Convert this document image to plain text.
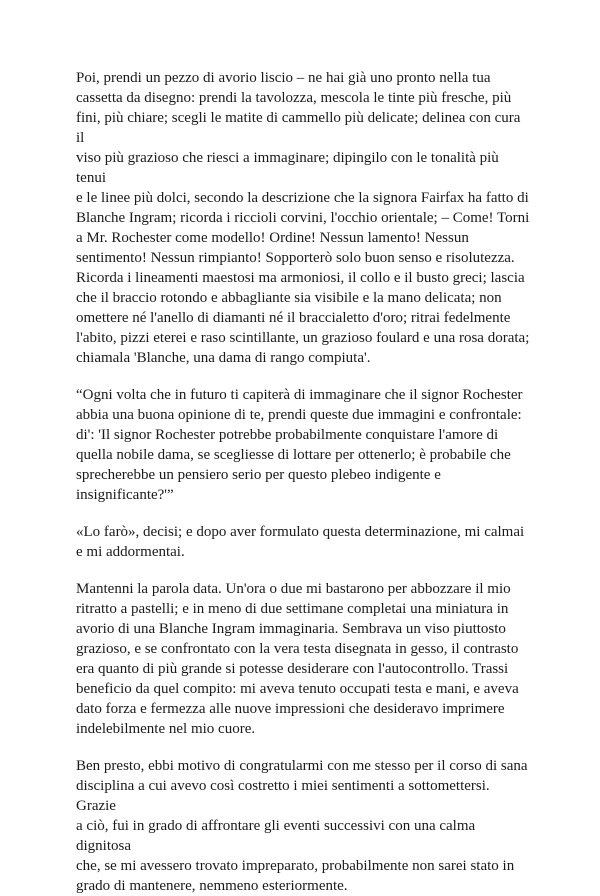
Poi, prendi un pezzo di avorio liscio – ne hai già uno pronto nella tua
cassetta da disegno: prendi la tavolozza, mescola le tinte più fresche, più
fini, più chiare; scegli le matite di cammello più delicate; delinea con cura il
viso più grazioso che riesci a immaginare; dipingilo con le tonalità più tenui
e le linee più dolci, secondo la descrizione che la signora Fairfax ha fatto di
Blanche Ingram; ricorda i riccioli corvini, l'occhio orientale; – Come! Torni
a Mr. Rochester come modello! Ordine! Nessun lamento! Nessun
sentimento! Nessun rimpianto! Sopporterò solo buon senso e risolutezza.
Ricorda i lineamenti maestosi ma armoniosi, il collo e il busto greci; lascia
che il braccio rotondo e abbagliante sia visibile e la mano delicata; non
omettere né l'anello di diamanti né il braccialetto d'oro; ritrai fedelmente
l'abito, pizzi eterei e raso scintillante, un grazioso foulard e una rosa dorata;
chiamala 'Blanche, una dama di rango compiuta'.

“Ogni volta che in futuro ti capiterà di immaginare che il signor Rochester
abbia una buona opinione di te, prendi queste due immagini e confrontale:
di': 'Il signor Rochester potrebbe probabilmente conquistare l'amore di
quella nobile dama, se scegliesse di lottare per ottenerlo; è probabile che
sprecherebbe un pensiero serio per questo plebeo indigente e
insignificante?'”

«Lo farò», decisi; e dopo aver formulato questa determinazione, mi calmai
e mi addormentai.

Mantenni la parola data. Un'ora o due mi bastarono per abbozzare il mio
ritratto a pastelli; e in meno di due settimane completai una miniatura in
avorio di una Blanche Ingram immaginaria. Sembrava un viso piuttosto
grazioso, e se confrontato con la vera testa disegnata in gesso, il contrasto
era quanto di più grande si potesse desiderare con l'autocontrollo. Trassi
beneficio da quel compito: mi aveva tenuto occupati testa e mani, e aveva
dato forza e fermezza alle nuove impressioni che desideravo imprimere
indelebilmente nel mio cuore.

Ben presto, ebbi motivo di congratularmi con me stesso per il corso di sana
disciplina a cui avevo così costretto i miei sentimenti a sottomettersi. Grazie
a ciò, fui in grado di affrontare gli eventi successivi con una calma dignitosa
che, se mi avessero trovato impreparato, probabilmente non sarei stato in
grado di mantenere, nemmeno esteriormente.
